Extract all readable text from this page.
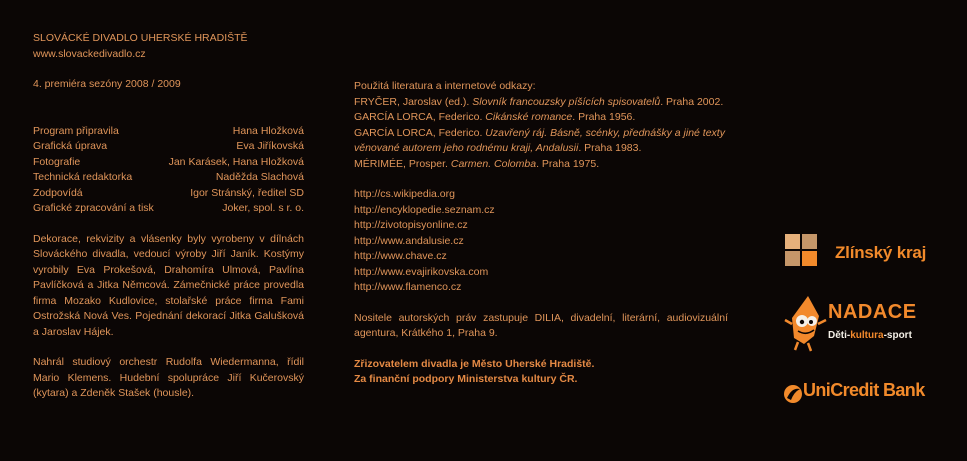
SLOVÁCKÉ DIVADLO UHERSKÉ HRADIŠTĚ
www.slovackedivadlo.cz
4. premiéra sezóny 2008 / 2009
Program připravila	Hana Hložková
Grafická úprava	Eva Jiříkovská
Fotografie	Jan Karásek, Hana Hložková
Technická redaktorka	Naděžda Slachová
Zodpovídá	Igor Stránský, ředitel SD
Grafické zpracování a tisk	Joker, spol. s r. o.
Dekorace, rekvizity a vlásenky byly vyrobeny v dílnách Slováckého divadla, vedoucí výroby Jiří Janík. Kostýmy vyrobily Eva Prokešová, Drahomíra Ulmová, Pavlína Pavlíčková a Jitka Němcová. Zámečnické práce provedla firma Mozako Kudlovice, stolařské práce firma Fami Ostrožská Nová Ves. Pojednání dekorací Jitka Galušková a Jaroslav Hájek.
Nahrál studiový orchestr Rudolfa Wiedermanna, řídil Mario Klemens. Hudební spolupráce Jiří Kučerovský (kytara) a Zdeněk Stašek (housle).
Použitá literatura a internetové odkazy:
FRYČER, Jaroslav (ed.). Slovník francouzsky píšících spisovatelů. Praha 2002.
GARCÍA LORCA, Federico. Cikánské romance. Praha 1956.
GARCÍA LORCA, Federico. Uzavřený ráj. Básně, scénky, přednášky a jiné texty věnované autorem jeho rodnému kraji, Andalusii. Praha 1983.
MÉRIMÉE, Prosper. Carmen. Colomba. Praha 1975.
http://cs.wikipedia.org
http://encyklopedie.seznam.cz
http://zivotopisyonline.cz
http://www.andalusie.cz
http://www.chave.cz
http://www.evajirikovska.com
http://www.flamenco.cz
Nositele autorských práv zastupuje DILIA, divadelní, literární, audiovizuální agentura, Krátkého 1, Praha 9.
Zřizovatelem divadla je Město Uherské Hradiště.
Za finanční podpory Ministerstva kultury ČR.
Zlínský kraj
NADACE
Děti-kultura-sport
UniCredit Bank
